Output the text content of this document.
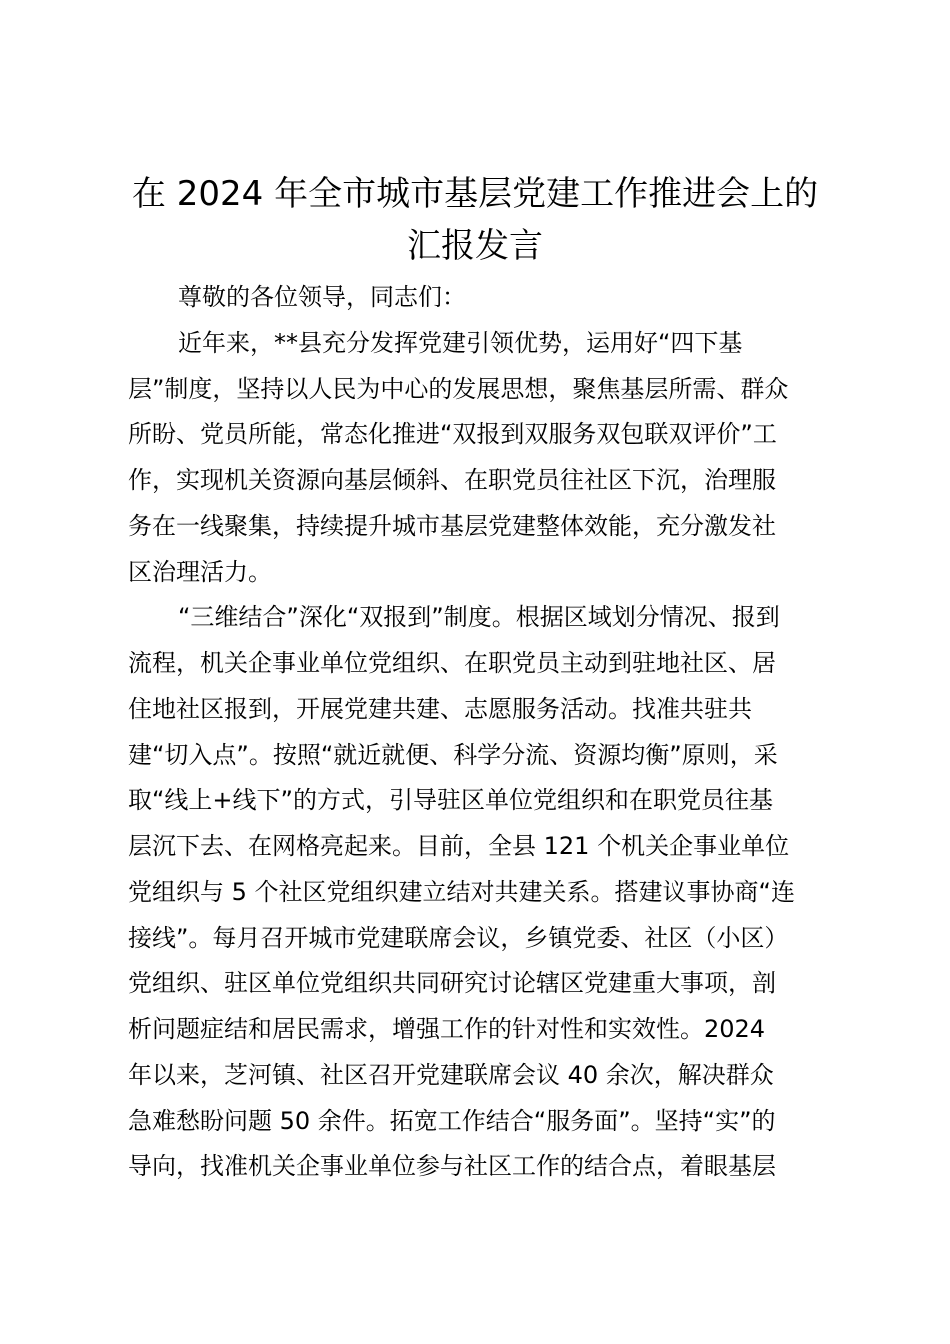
在 2024 年全市城市基层党建工作推进会上的
汇报发言
尊敬的各位领导，同志们：
近年来，**县充分发挥党建引领优势，运用好“四下基
层”制度，坚持以人民为中心的发展思想，聚焦基层所需、群众
所盼、党员所能，常态化推进“双报到双服务双包联双评价”工
作，实现机关资源向基层倾斜、在职党员往社区下沉，治理服
务在一线聚集，持续提升城市基层党建整体效能，充分激发社
区治理活力。
“三维结合”深化“双报到”制度。根据区域划分情况、报到
流程，机关企事业单位党组织、在职党员主动到驻地社区、居
住地社区报到，开展党建共建、志愿服务活动。找准共驻共
建“切入点”。按照“就近就便、科学分流、资源均衡”原则，采
取“线上+线下”的方式，引导驻区单位党组织和在职党员往基
层沉下去、在网格亮起来。目前，全县 121 个机关企事业单位
党组织与 5 个社区党组织建立结对共建关系。搭建议事协商“连
接线”。每月召开城市党建联席会议，乡镇党委、社区（小区）
党组织、驻区单位党组织共同研究讨论辖区党建重大事项，剖
析问题症结和居民需求，增强工作的针对性和实效性。2024
年以来，芝河镇、社区召开党建联席会议 40 余次，解决群众
急难愁盼问题 50 余件。拓宽工作结合“服务面”。坚持“实”的
导向，找准机关企事业单位参与社区工作的结合点，着眼基层
